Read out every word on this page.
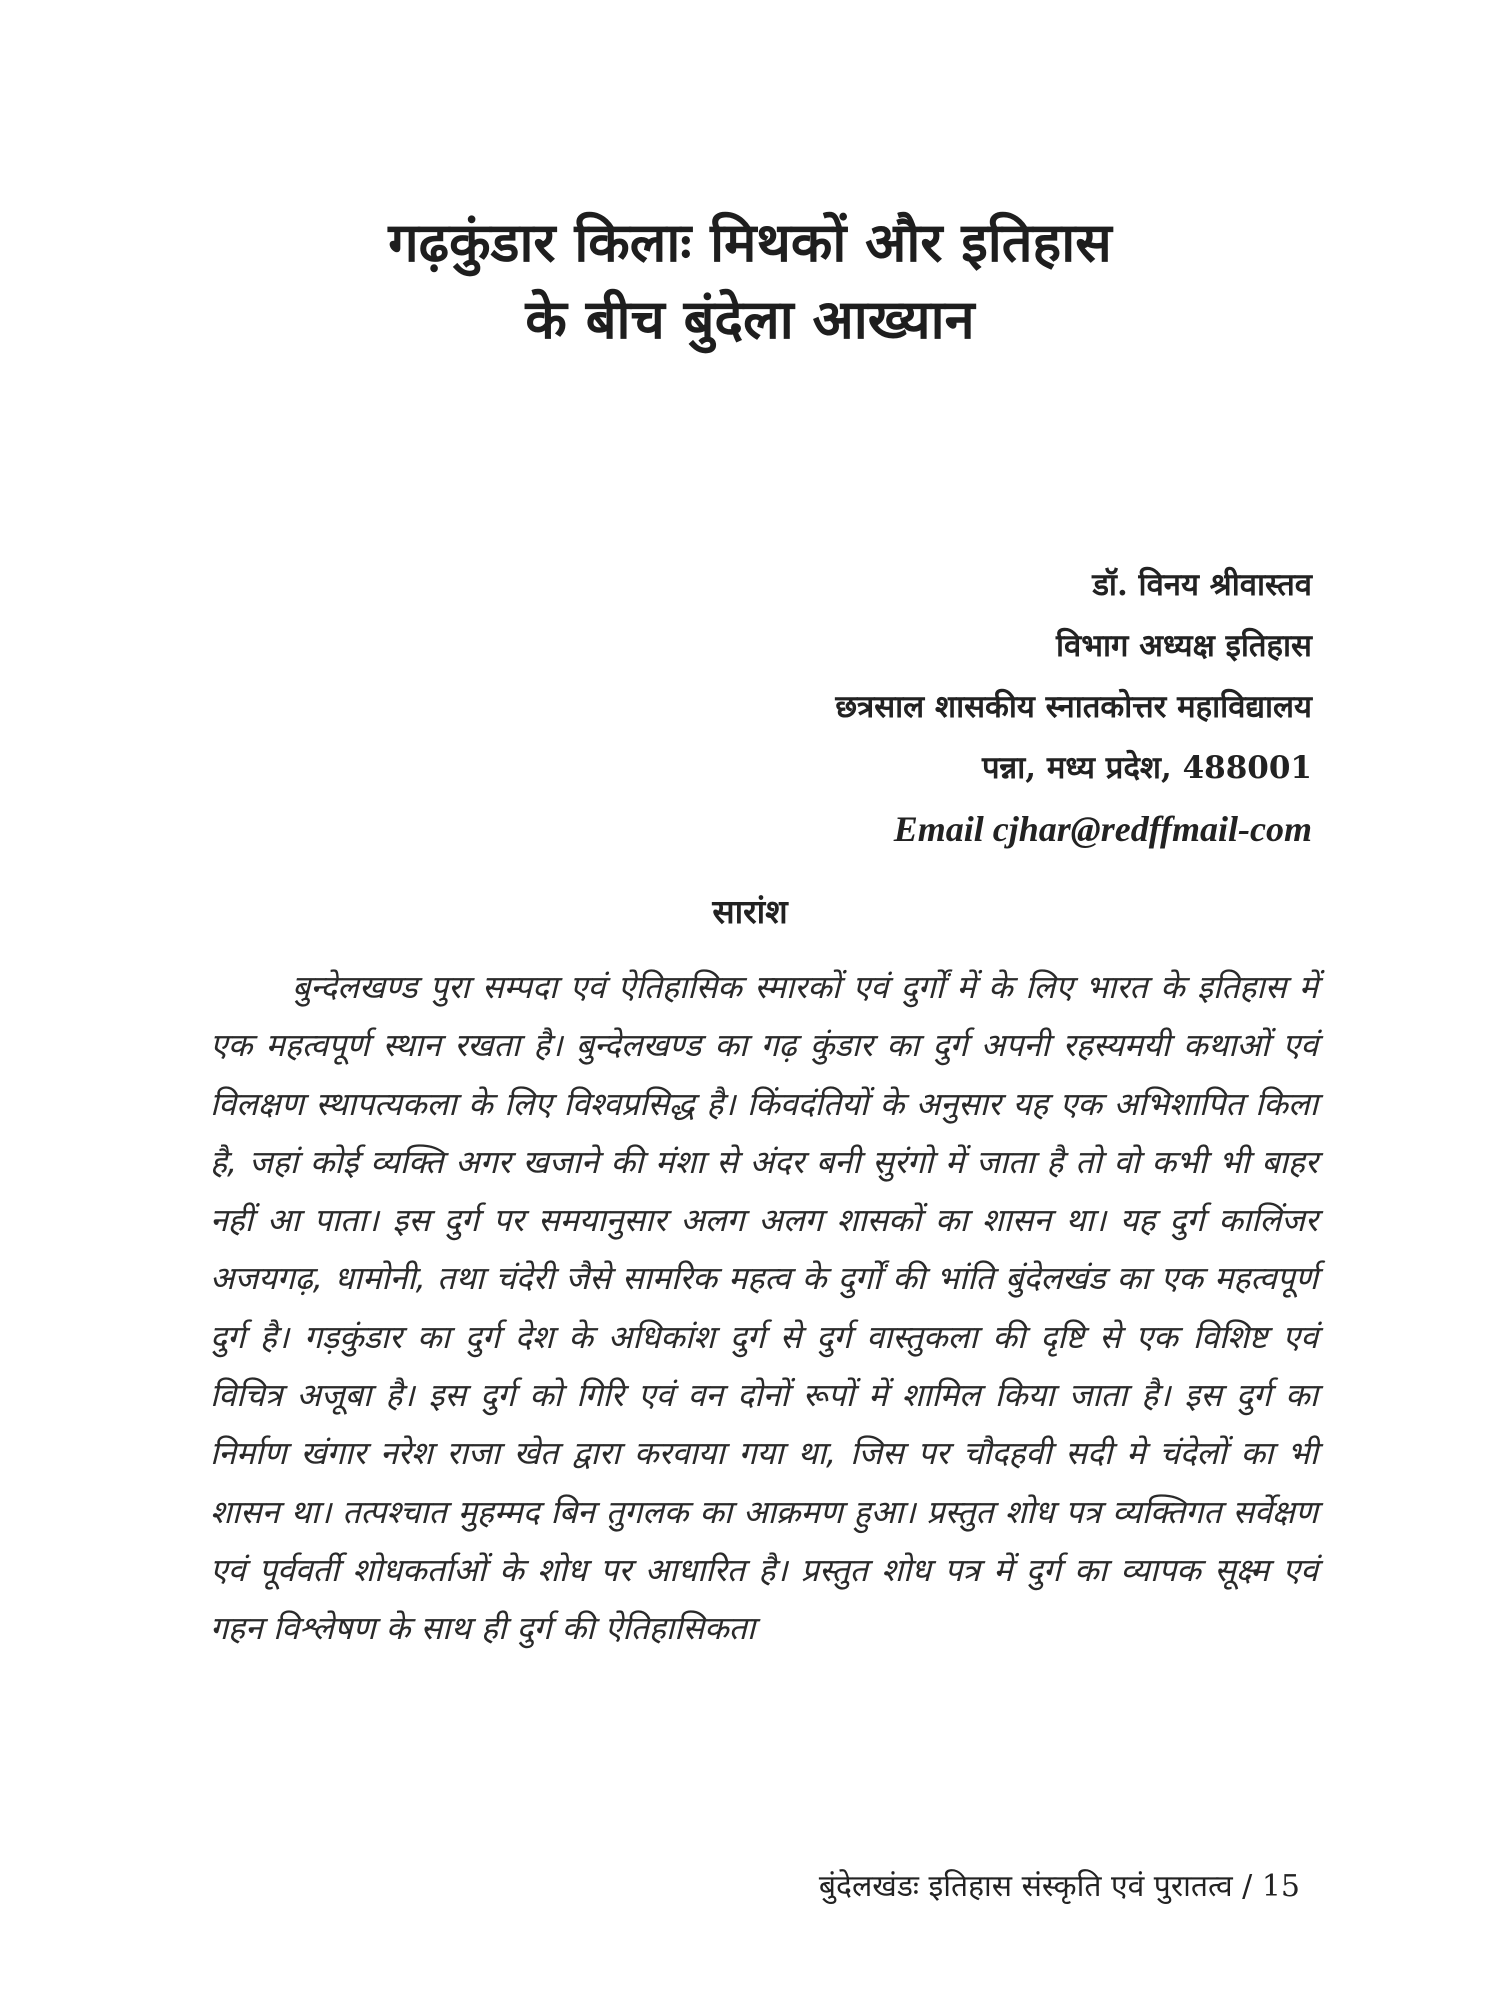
गढ़कुंडार किलाः मिथकों और इतिहास
के बीच बुंदेला आख्यान
डॉ. विनय श्रीवास्तव
विभाग अध्यक्ष इतिहास
छत्रसाल शासकीय स्नातकोत्तर महाविद्यालय
पन्ना, मध्य प्रदेश, 488001
Email cjhar@redffmail-com
सारांश

बुन्देलखण्ड पुरा सम्पदा एवं ऐतिहासिक स्मारकों एवं दुर्गों में के लिए भारत के इतिहास में एक महत्वपूर्ण स्थान रखता है। बुन्देलखण्ड का गढ़ कुंडार का दुर्ग अपनी रहस्यमयी कथाओं एवं विलक्षण स्थापत्यकला के लिए विश्वप्रसिद्ध है। किंवदंतियों के अनुसार यह एक अभिशापित किला है, जहां कोई व्यक्ति अगर खजाने की मंशा से अंदर बनी सुरंगो में जाता है तो वो कभी भी बाहर नहीं आ पाता। इस दुर्ग पर समयानुसार अलग अलग शासकों का शासन था। यह दुर्ग कालिंजर अजयगढ़, धामोनी, तथा चंदेरी जैसे सामरिक महत्व के दुर्गों की भांति बुंदेलखंड का एक महत्वपूर्ण दुर्ग है। गड़कुंडार का दुर्ग देश के अधिकांश दुर्ग से दुर्ग वास्तुकला की दृष्टि से एक विशिष्ट एवं विचित्र अजूबा है। इस दुर्ग को गिरि एवं वन दोनों रूपों में शामिल किया जाता है। इस दुर्ग का निर्माण खंगार नरेश राजा खेत द्वारा करवाया गया था, जिस पर चौदहवी सदी मे चंदेलों का भी शासन था। तत्पश्चात मुहम्मद बिन तुगलक का आक्रमण हुआ। प्रस्तुत शोध पत्र व्यक्तिगत सर्वेक्षण एवं पूर्ववर्ती शोधकर्ताओं के शोध पर आधारित है। प्रस्तुत शोध पत्र में दुर्ग का व्यापक सूक्ष्म एवं गहन विश्लेषण के साथ ही दुर्ग की ऐतिहासिकता

बुंदेलखंडः इतिहास संस्कृति एवं पुरातत्व / 15
